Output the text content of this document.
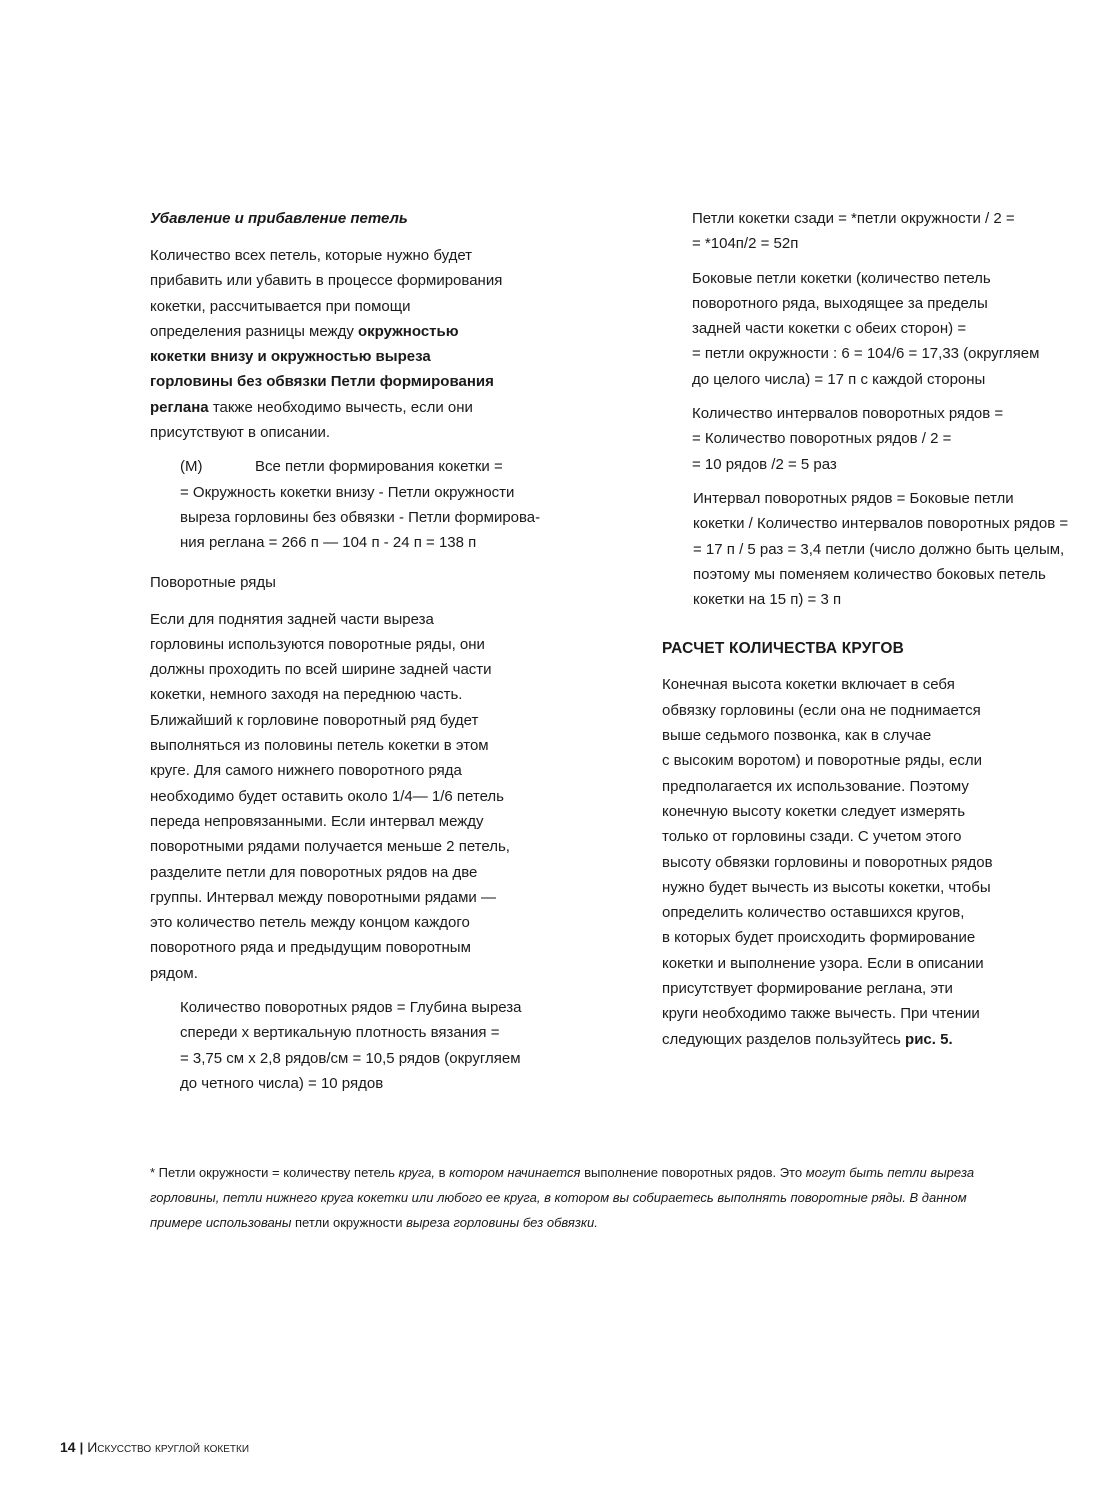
Убавление и прибавление петель

Количество всех петель, которые нужно будет
прибавить или убавить в процессе формирования
кокетки, рассчитывается при помощи
определения разницы между окружностью
кокетки внизу и окружностью выреза
горловины без обвязки Петли формирования
реглана также необходимо вычесть, если они
присутствуют в описании.

(M)	Все петли формирования кокетки =
= Окружность кокетки внизу - Петли окружности
выреза горловины без обвязки - Петли формирова-
ния реглана = 266 п — 104 п - 24 п = 138 п

Поворотные ряды

Если для поднятия задней части выреза
горловины используются поворотные ряды, они
должны проходить по всей ширине задней части
кокетки, немного заходя на переднюю часть.
Ближайший к горловине поворотный ряд будет
выполняться из половины петель кокетки в этом
круге. Для самого нижнего поворотного ряда
необходимо будет оставить около 1/4— 1/6 петель
переда непровязанными. Если интервал между
поворотными рядами получается меньше 2 петель,
разделите петли для поворотных рядов на две
группы. Интервал между поворотными рядами —
это количество петель между концом каждого
поворотного ряда и предыдущим поворотным
рядом.

Количество поворотных рядов = Глубина выреза
спереди х вертикальную плотность вязания =
= 3,75 см х 2,8 рядов/см = 10,5 рядов (округляем
до четного числа) = 10 рядов

Петли кокетки сзади = *петли окружности / 2 =
= *104п/2 = 52п

Боковые петли кокетки (количество петель
поворотного ряда, выходящее за пределы
задней части кокетки с обеих сторон) =
= петли окружности : 6 = 104/6 = 17,33 (округляем
до целого числа) = 17 п с каждой стороны

Количество интервалов поворотных рядов =
= Количество поворотных рядов / 2 =
= 10 рядов /2 = 5 раз

Интервал поворотных рядов = Боковые петли
кокетки / Количество интервалов поворотных рядов =
= 17 п / 5 раз = 3,4 петли (число должно быть целым,
поэтому мы поменяем количество боковых петель
кокетки на 15 п) = 3 п

РАСЧЕТ КОЛИЧЕСТВА КРУГОВ

Конечная высота кокетки включает в себя
обвязку горловины (если она не поднимается
выше седьмого позвонка, как в случае
с высоким воротом) и поворотные ряды, если
предполагается их использование. Поэтому
конечную высоту кокетки следует измерять
только от горловины сзади. С учетом этого
высоту обвязки горловины и поворотных рядов
нужно будет вычесть из высоты кокетки, чтобы
определить количество оставшихся кругов,
в которых будет происходить формирование
кокетки и выполнение узора. Если в описании
присутствует формирование реглана, эти
круги необходимо также вычесть. При чтении
следующих разделов пользуйтесь рис. 5.

* Петли окружности = количеству петель круга, в котором начинается выполнение поворотных рядов. Это могут быть петли выреза
горловины, петли нижнего круга кокетки или любого ее круга, в котором вы собираетесь выполнять поворотные ряды. В данном
примере использованы петли окружности выреза горловины без обвязки.
14 | Искусство круглой кокетки
